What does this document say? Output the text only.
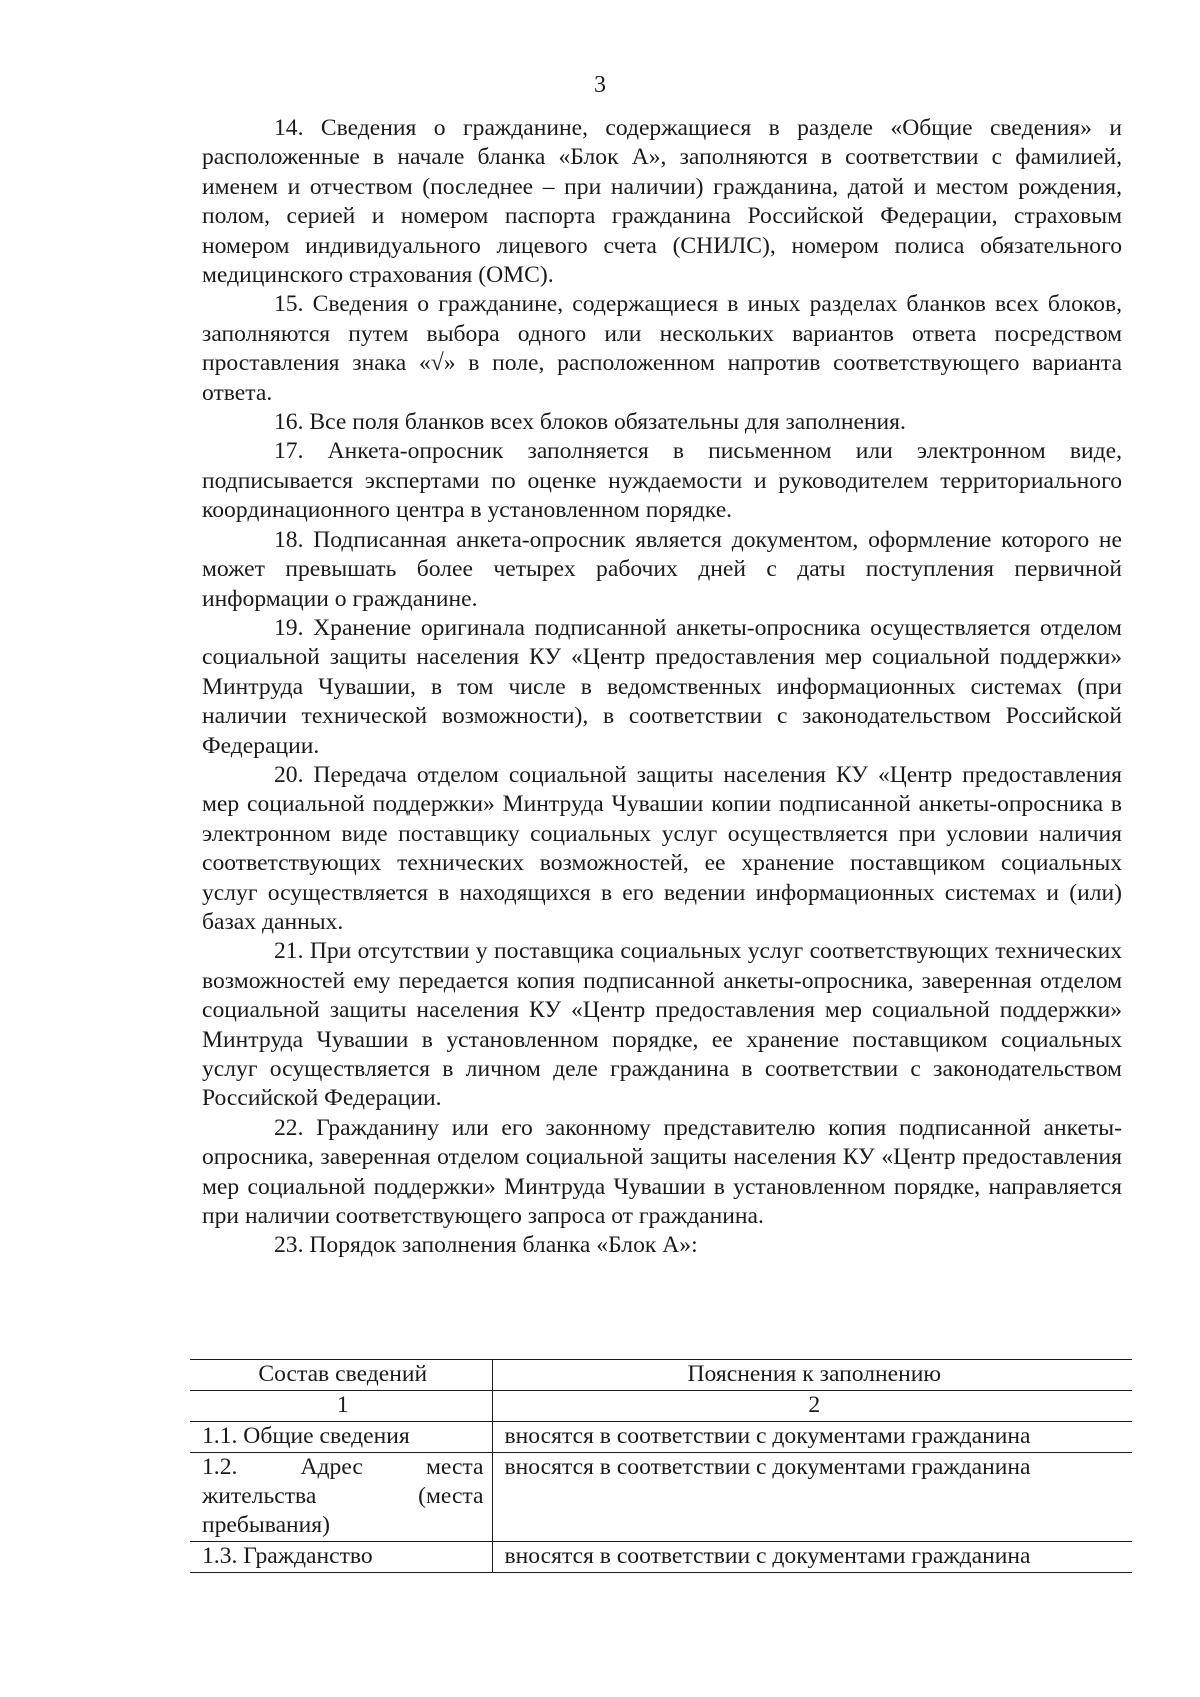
3

14. Сведения о гражданине, содержащиеся в разделе «Общие сведения» и расположенные в начале бланка «Блок А», заполняются в соответствии с фамилией, именем и отчеством (последнее – при наличии) гражданина, датой и местом рождения, полом, серией и номером паспорта гражданина Российской Федерации, страховым номером индивидуального лицевого счета (СНИЛС), номером полиса обязательного медицинского страхования (ОМС).

15. Сведения о гражданине, содержащиеся в иных разделах бланков всех блоков, заполняются путем выбора одного или нескольких вариантов ответа посредством проставления знака «√» в поле, расположенном напротив соответствующего варианта ответа.

16. Все поля бланков всех блоков обязательны для заполнения.

17. Анкета-опросник заполняется в письменном или электронном виде, подписывается экспертами по оценке нуждаемости и руководителем территориального координационного центра в установленном порядке.

18. Подписанная анкета-опросник является документом, оформление которого не может превышать более четырех рабочих дней с даты поступления первичной информации о гражданине.

19. Хранение оригинала подписанной анкеты-опросника осуществляется отделом социальной защиты населения КУ «Центр предоставления мер социальной поддержки» Минтруда Чувашии, в том числе в ведомственных информационных системах (при наличии технической возможности), в соответствии с законодательством Российской Федерации.

20. Передача отделом социальной защиты населения КУ «Центр предоставления мер социальной поддержки» Минтруда Чувашии копии подписанной анкеты-опросника в электронном виде поставщику социальных услуг осуществляется при условии наличия соответствующих технических возможностей, ее хранение поставщиком социальных услуг осуществляется в находящихся в его ведении информационных системах и (или) базах данных.

21. При отсутствии у поставщика социальных услуг соответствующих технических возможностей ему передается копия подписанной анкеты-опросника, заверенная отделом социальной защиты населения КУ «Центр предоставления мер социальной поддержки» Минтруда Чувашии в установленном порядке, ее хранение поставщиком социальных услуг осуществляется в личном деле гражданина в соответствии с законодательством Российской Федерации.

22. Гражданину или его законному представителю копия подписанной анкеты-опросника, заверенная отделом социальной защиты населения КУ «Центр предоставления мер социальной поддержки» Минтруда Чувашии в установленном порядке, направляется при наличии соответствующего запроса от гражданина.

23. Порядок заполнения бланка «Блок А»:

Состав сведений	Пояснения к заполнению
1	2
1.1. Общие сведения	вносятся в соответствии с документами гражданина
1.2. Адрес места жительства (места пребывания)	вносятся в соответствии с документами гражданина
1.3. Гражданство	вносятся в соответствии с документами гражданина
